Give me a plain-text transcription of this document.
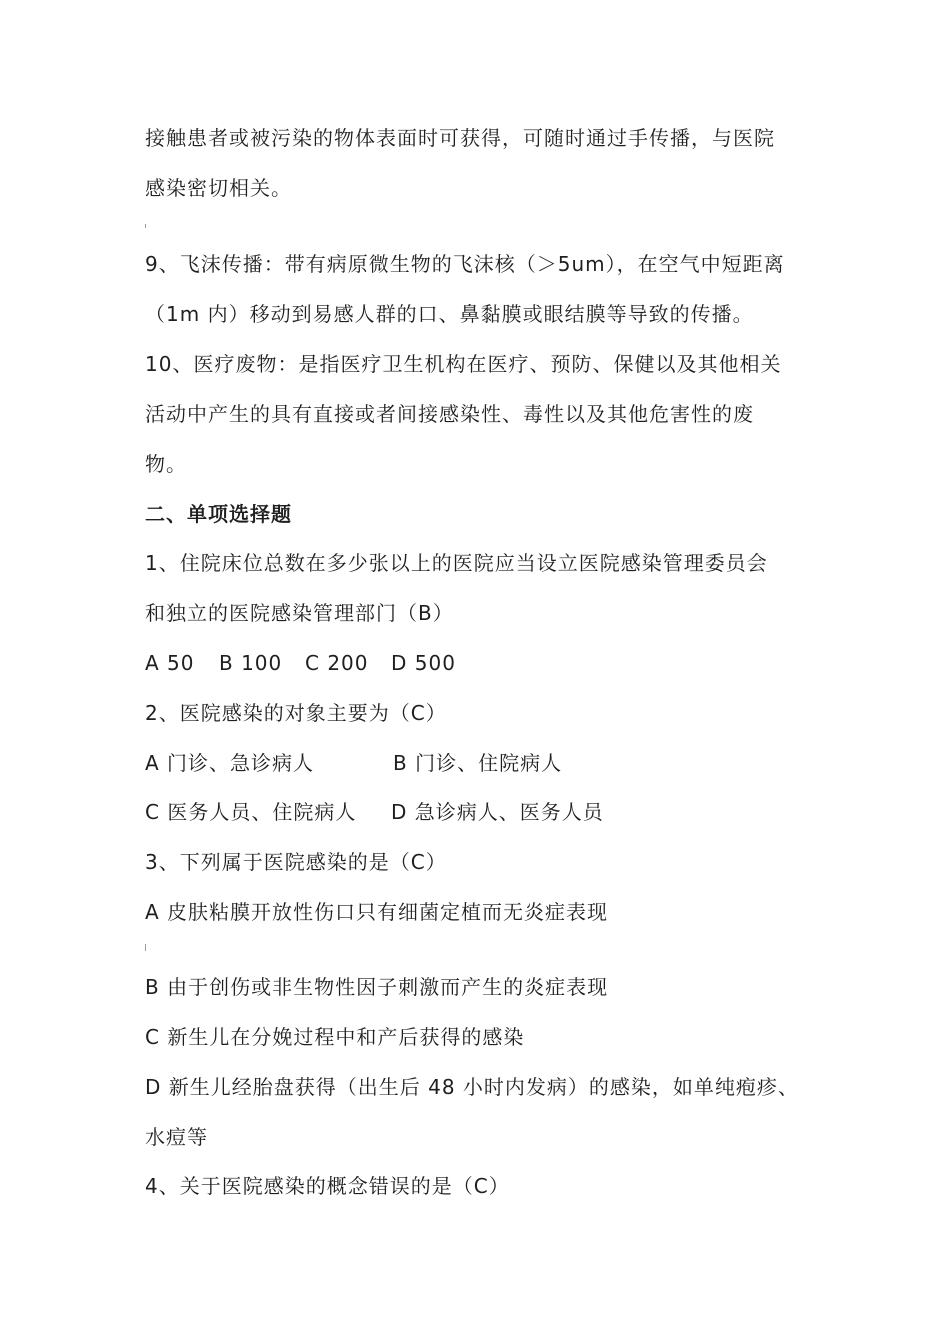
接触患者或被污染的物体表面时可获得，可随时通过手传播，与医院
感染密切相关。
9、飞沫传播：带有病原微生物的飞沫核（＞5um），在空气中短距离
（1m 内）移动到易感人群的口、鼻黏膜或眼结膜等导致的传播。
10、医疗废物：是指医疗卫生机构在医疗、预防、保健以及其他相关
活动中产生的具有直接或者间接感染性、毒性以及其他危害性的废
物。
二、单项选择题
1、住院床位总数在多少张以上的医院应当设立医院感染管理委员会
和独立的医院感染管理部门（B）
A 50 B 100 C 200 D 500
2、医院感染的对象主要为（C）
A 门诊、急诊病人	B 门诊、住院病人
C 医务人员、住院病人 D 急诊病人、医务人员
3、下列属于医院感染的是（C）
A 皮肤粘膜开放性伤口只有细菌定植而无炎症表现
B 由于创伤或非生物性因子刺激而产生的炎症表现
C 新生儿在分娩过程中和产后获得的感染
D 新生儿经胎盘获得（出生后 48 小时内发病）的感染，如单纯疱疹、
水痘等
4、关于医院感染的概念错误的是（C）
